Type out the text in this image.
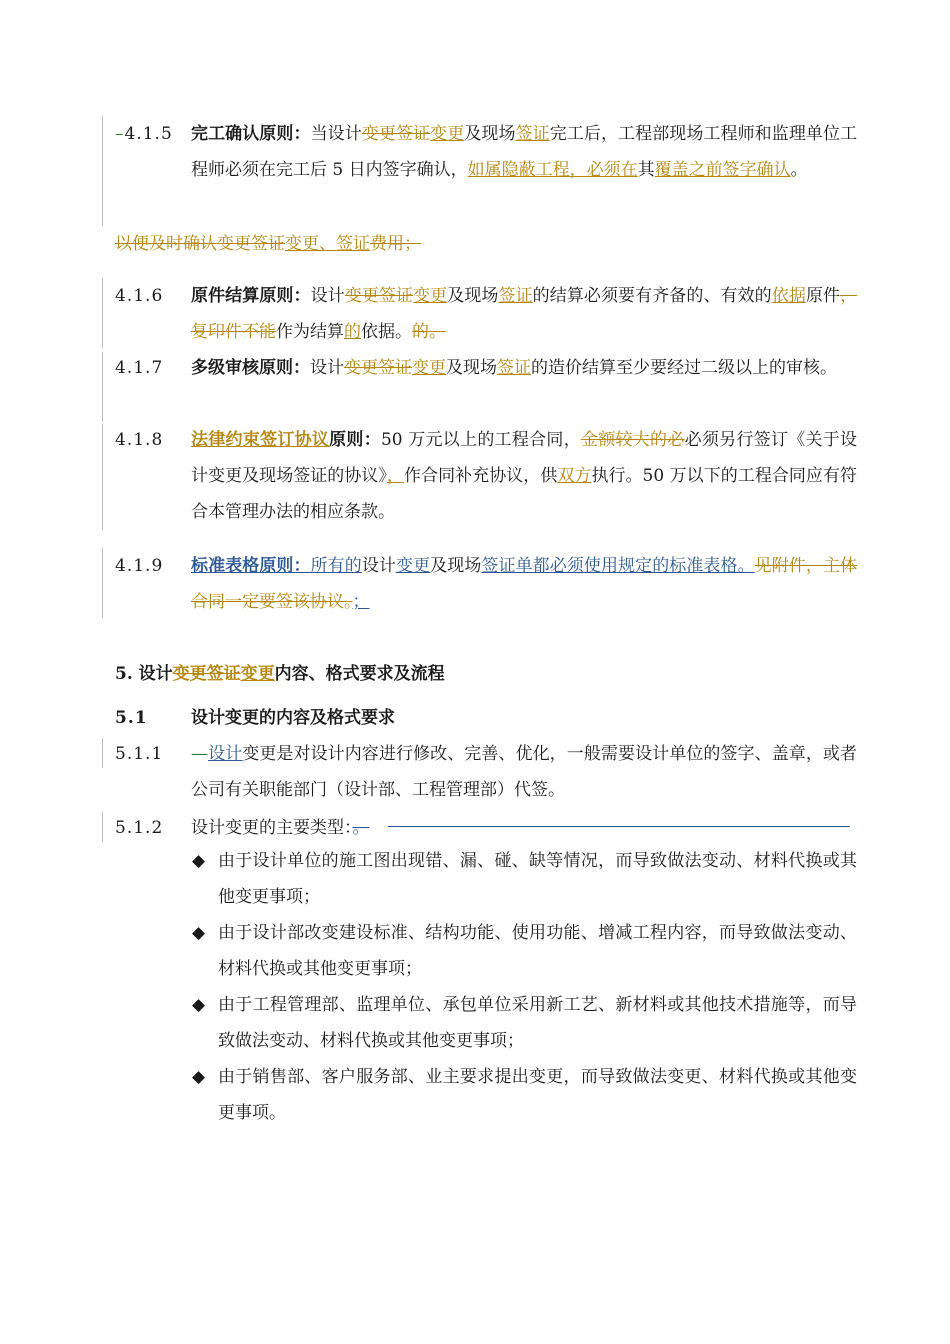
–4.1.5	完工确认原则：当设计变更签证变更及现场签证完工后，工程部现场工程师和监理单位工程师必须在完工后 5 日内签字确认，如属隐蔽工程，必须在其覆盖之前签字确认。
以便及时确认变更签证变更、签证费用；
4.1.6	原件结算原则：设计变更签证变更及现场签证的结算必须要有齐备的、有效的依据原件，复印件不能作为结算的依据。的。
4.1.7	多级审核原则：设计变更签证变更及现场签证的造价结算至少要经过二级以上的审核。
4.1.8	法律约束签订协议原则：50 万元以上的工程合同，金额较大的必必须另行签订《关于设计变更及现场签证的协议》，作合同补充协议，供双方执行。50 万以下的工程合同应有符合本管理办法的相应条款。
4.1.9	标准表格原则：所有的设计变更及现场签证单都必须使用规定的标准表格。见附件，主体合同一定要签该协议。；
5. 设计变更签证变更内容、格式要求及流程
5.1	设计变更的内容及格式要求
5.1.1	—设计变更是对设计内容进行修改、完善、优化，一般需要设计单位的签字、盖章，或者公司有关职能部门（设计部、工程管理部）代签。
5.1.2	设计变更的主要类型：。
◆ 由于设计单位的施工图出现错、漏、碰、缺等情况，而导致做法变动、材料代换或其他变更事项；
◆ 由于设计部改变建设标准、结构功能、使用功能、增减工程内容，而导致做法变动、材料代换或其他变更事项；
◆ 由于工程管理部、监理单位、承包单位采用新工艺、新材料或其他技术措施等，而导致做法变动、材料代换或其他变更事项；
◆ 由于销售部、客户服务部、业主要求提出变更，而导致做法变更、材料代换或其他变更事项。
